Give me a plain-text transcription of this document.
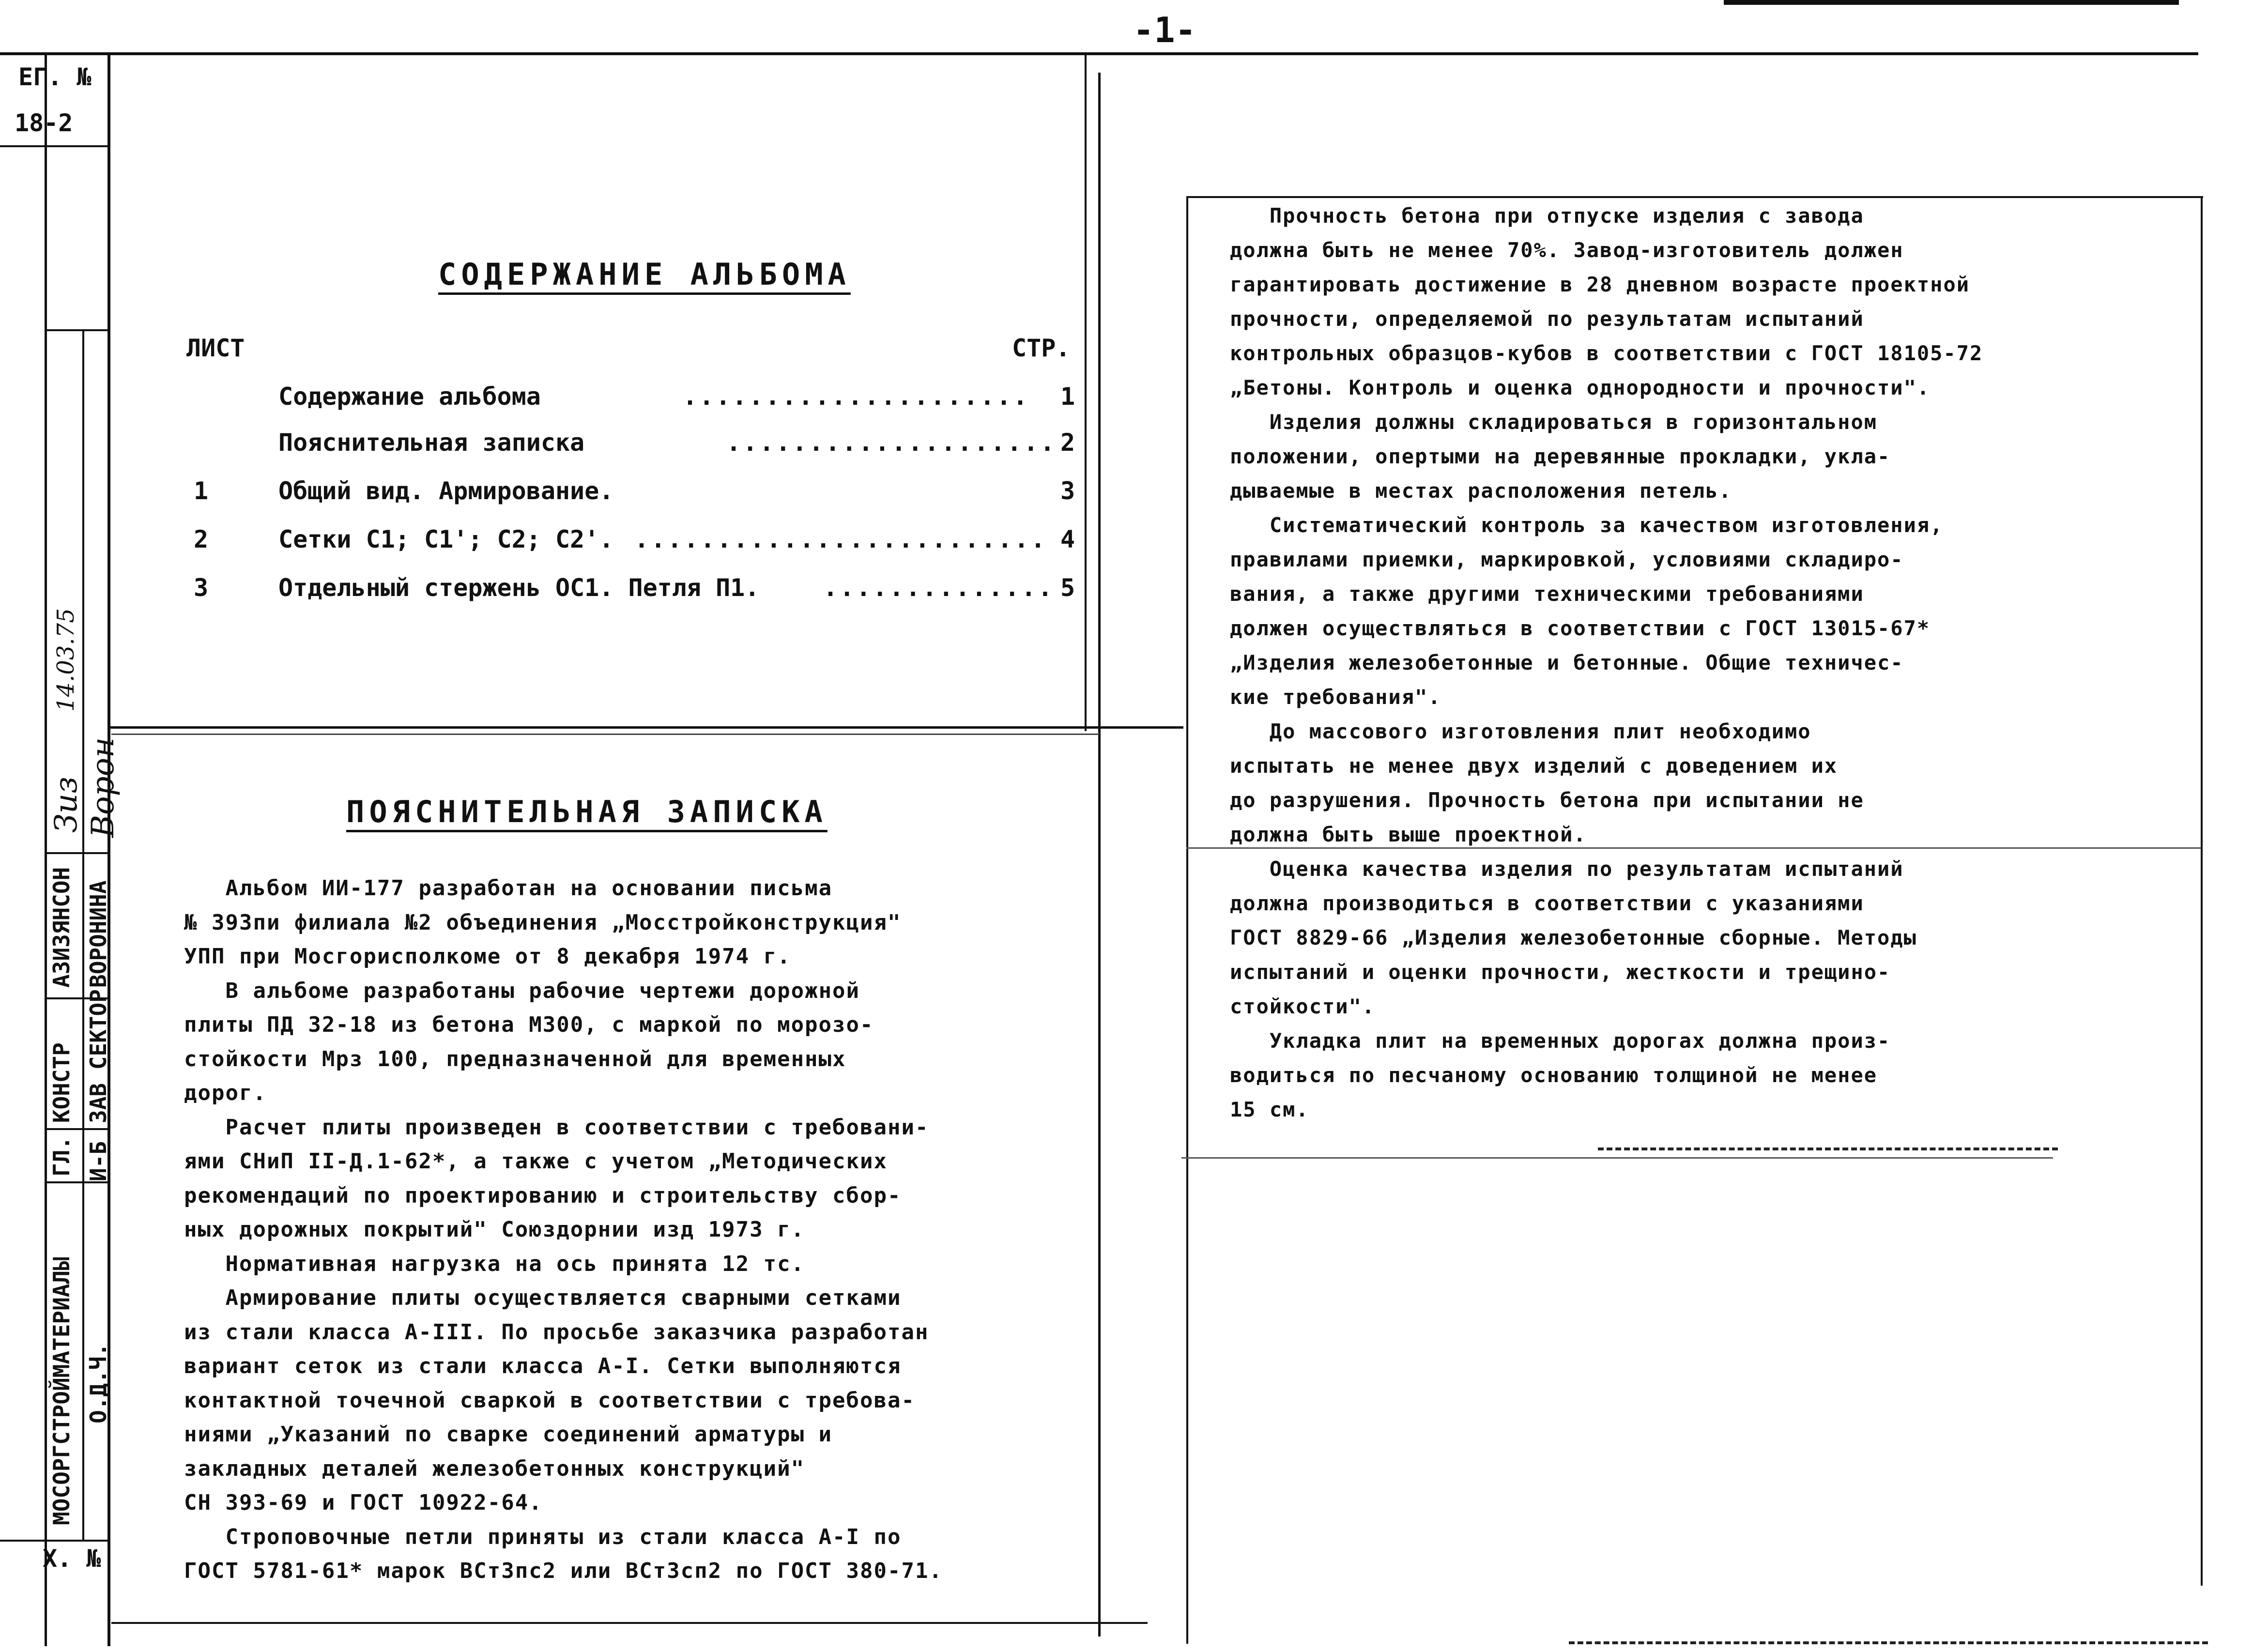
-1-
ЕГ. №
18-2
Х. №
МОСОРГСТРОЙМАТЕРИАЛЫ О.Д.Ч.
И-Б
ГЛ. КОНСТР ЗАВ СЕКТОР
АЗИЗЯНСОН ВОРОНИНА
14.03.75
Ворон
Зиз
СОДЕРЖАНИЕ АЛЬБОМА
ЛИСТ	СТР.
Содержание альбома	..................... 1
Пояснительная записка	.................... 2
1	Общий вид. Армирование.	3
2	Сетки С1; С1'; С2; С2'. ......................... 4
3	Отдельный стержень ОС1. Петля П1.	.............. 5
ПОЯСНИТЕЛЬНАЯ ЗАПИСКА
Альбом ИИ-177 разработан на основании письма
№ 393пи филиала №2 объединения „Мосстройконструкция"
УПП при Мосгорисполкоме от 8 декабря 1974 г.
В альбоме разработаны рабочие чертежи дорожной
плиты ПД 32-18 из бетона М300, с маркой по морозо-
стойкости Мрз 100, предназначенной для временных
дорог.
Расчет плиты произведен в соответствии с требовани-
ями СНиП II-Д.1-62*, а также с учетом „Методических
рекомендаций по проектированию и строительству сбор-
ных дорожных покрытий" Союздорнии изд 1973 г.
Нормативная нагрузка на ось принята 12 тс.
Армирование плиты осуществляется сварными сетками
из стали класса А-III. По просьбе заказчика разработан
вариант сеток из стали класса А-I. Сетки выполняются
контактной точечной сваркой в соответствии с требова-
ниями „Указаний по сварке соединений арматуры и
закладных деталей железобетонных конструкций"
СН 393-69 и ГОСТ 10922-64.
Строповочные петли приняты из стали класса А-I по
ГОСТ 5781-61* марок ВСт3пс2 или ВСт3сп2 по ГОСТ 380-71.
Прочность бетона при отпуске изделия с завода
должна быть не менее 70%. Завод-изготовитель должен
гарантировать достижение в 28 дневном возрасте проектной
прочности, определяемой по результатам испытаний
контрольных образцов-кубов в соответствии с ГОСТ 18105-72
„Бетоны. Контроль и оценка однородности и прочности".
Изделия должны складироваться в горизонтальном
положении, опертыми на деревянные прокладки, укла-
дываемые в местах расположения петель.
Систематический контроль за качеством изготовления,
правилами приемки, маркировкой, условиями складиро-
вания, а также другими техническими требованиями
должен осуществляться в соответствии с ГОСТ 13015-67*
„Изделия железобетонные и бетонные. Общие техничес-
кие требования".
До массового изготовления плит необходимо
испытать не менее двух изделий с доведением их
до разрушения. Прочность бетона при испытании не
должна быть выше проектной.
Оценка качества изделия по результатам испытаний
должна производиться в соответствии с указаниями
ГОСТ 8829-66 „Изделия железобетонные сборные. Методы
испытаний и оценки прочности, жесткости и трещино-
стойкости".
Укладка плит на временных дорогах должна произ-
водиться по песчаному основанию толщиной не менее
15 см.
